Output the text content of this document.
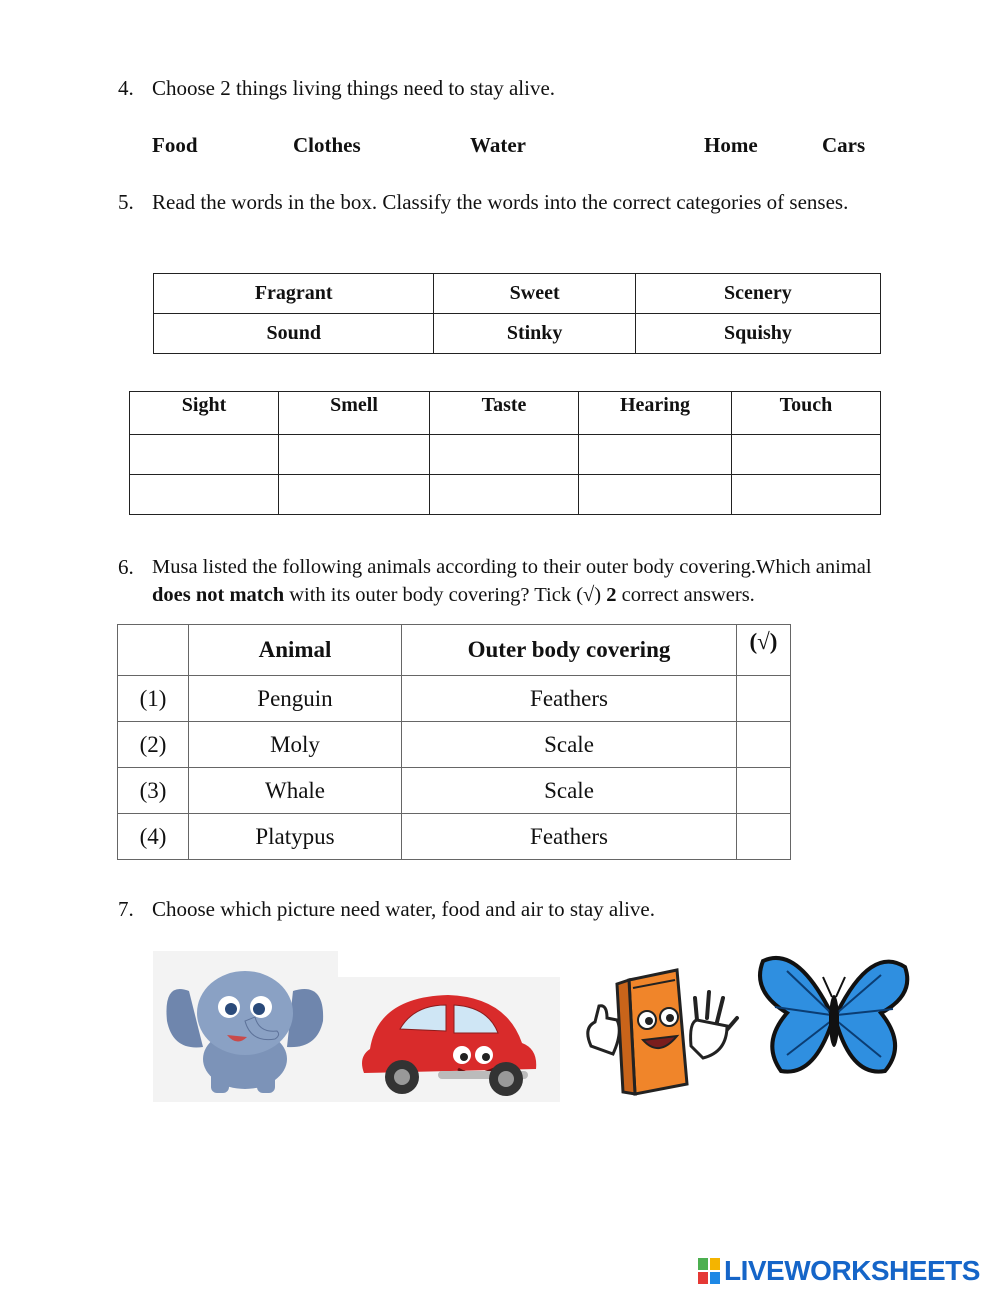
4. Choose 2 things living things need to stay alive.
Food	Clothes	Water	Home	Cars
5. Read the words in the box. Classify the words into the correct categories of senses.
Fragrant	Sweet	Scenery
Sound	Stinky	Squishy
Sight	Smell	Taste	Hearing	Touch

6. Musa listed the following animals according to their outer body covering.Which animal does not match with its outer body covering? Tick (√) 2 correct answers.
	Animal	Outer body covering	(√)
(1)	Penguin	Feathers	
(2)	Moly	Scale	
(3)	Whale	Scale	
(4)	Platypus	Feathers	
7. Choose which picture need water, food and air to stay alive.
LIVEWORKSHEETS
